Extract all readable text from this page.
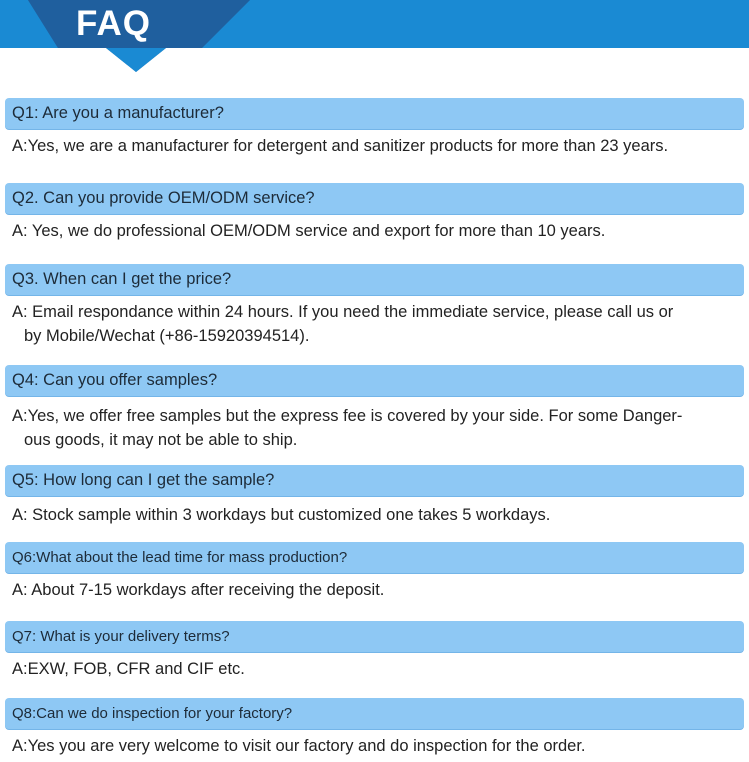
FAQ
Q1: Are you a manufacturer?
A:Yes, we are a manufacturer for detergent and sanitizer products for more than 23 years.
Q2. Can you provide OEM/ODM service?
A: Yes, we do professional OEM/ODM service and export for more than 10 years.
Q3. When can I get the price?
A: Email respondance within 24 hours. If you need the immediate service, please call us or
by Mobile/Wechat (+86-15920394514).
Q4: Can you offer samples?
A:Yes, we offer free samples but the express fee is covered by your side. For some Danger-
ous goods, it may not be able to ship.
Q5: How long can I get the sample?
A: Stock sample within 3 workdays but customized one takes 5 workdays.
Q6:What about the lead time for mass production?
A: About 7-15 workdays after receiving the deposit.
Q7: What is your delivery terms?
A:EXW, FOB, CFR and CIF etc.
Q8:Can we do inspection for your factory?
A:Yes you are very welcome to visit our factory and do inspection for the order.
